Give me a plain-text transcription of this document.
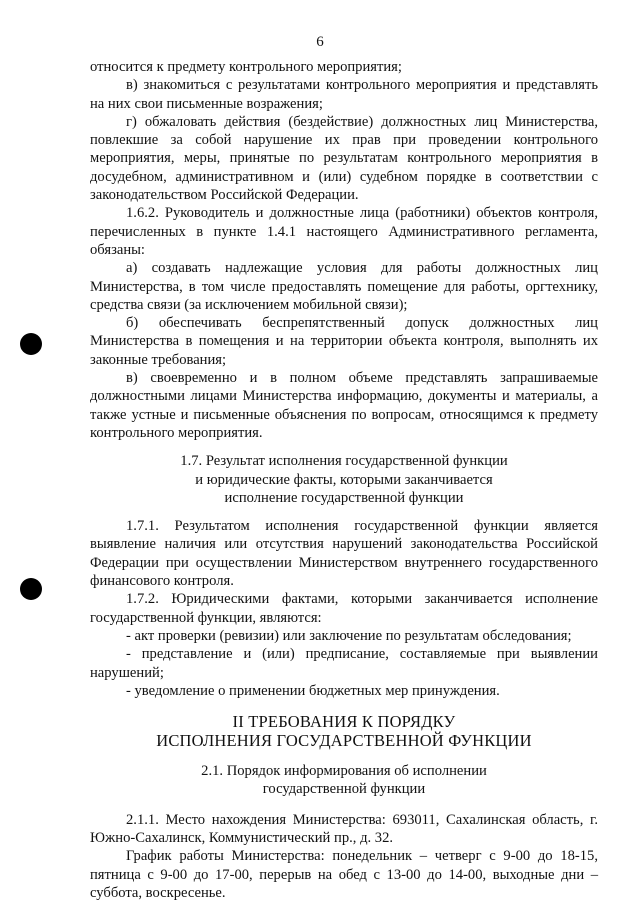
6

относится к предмету контрольного мероприятия;

в) знакомиться с результатами контрольного мероприятия и представлять на них свои письменные возражения;

г) обжаловать действия (бездействие) должностных лиц Министерства, повлекшие за собой нарушение их прав при проведении контрольного мероприятия, меры, принятые по результатам контрольного мероприятия в досудебном, административном и (или) судебном порядке в соответствии с законодательством Российской Федерации.

1.6.2. Руководитель и должностные лица (работники) объектов контроля, перечисленных в пункте 1.4.1 настоящего Административного регламента, обязаны:

а) создавать надлежащие условия для работы должностных лиц Министерства, в том числе предоставлять помещение для работы, оргтехнику, средства связи (за исключением мобильной связи);

б) обеспечивать беспрепятственный допуск должностных лиц Министерства в помещения и на территории объекта контроля, выполнять их законные требования;

в) своевременно и в полном объеме представлять запрашиваемые должностными лицами Министерства информацию, документы и материалы, а также устные и письменные объяснения по вопросам, относящимся к предмету контрольного мероприятия.

1.7. Результат исполнения государственной функции

и юридические факты, которыми заканчивается

исполнение государственной функции

1.7.1. Результатом исполнения государственной функции является выявление наличия или отсутствия нарушений законодательства Российской Федерации при осуществлении Министерством внутреннего государственного финансового контроля.

1.7.2. Юридическими фактами, которыми заканчивается исполнение государственной функции, являются:

- акт проверки (ревизии) или заключение по результатам обследования;

- представление и (или) предписание, составляемые при выявлении нарушений;

- уведомление о применении бюджетных мер принуждения.

II ТРЕБОВАНИЯ К ПОРЯДКУ

ИСПОЛНЕНИЯ ГОСУДАРСТВЕННОЙ ФУНКЦИИ

2.1. Порядок информирования об исполнении

государственной функции

2.1.1. Место нахождения Министерства: 693011, Сахалинская область, г. Южно-Сахалинск, Коммунистический пр., д. 32.

График работы Министерства: понедельник – четверг с 9-00 до 18-15, пятница с 9-00 до 17-00, перерыв на обед с 13-00 до 14-00, выходные дни – суббота, воскресенье.
